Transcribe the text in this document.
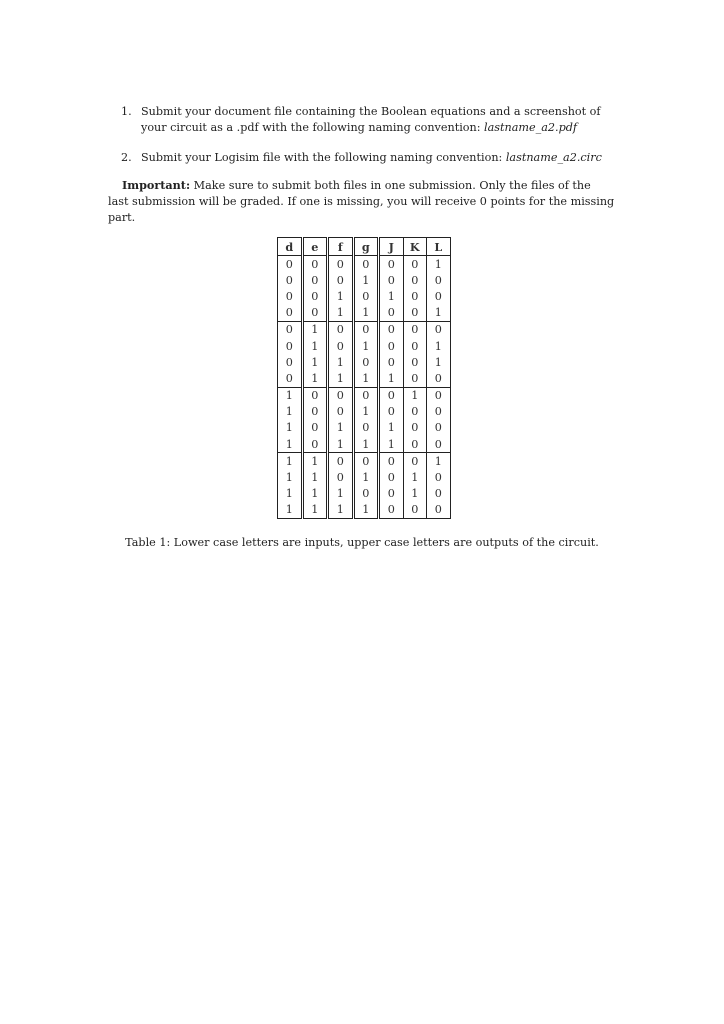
1. Submit your document file containing the Boolean equations and a screenshot of
your circuit as a .pdf with the following naming convention: lastname_a2.pdf
2. Submit your Logisim file with the following naming convention: lastname_a2.circ
Important: Make sure to submit both files in one submission. Only the files of the
last submission will be graded. If one is missing, you will receive 0 points for the missing
part.
d	e	f	g	J	K	L
0	0	0	0	0	0	1
0	0	0	1	0	0	0
0	0	1	0	1	0	0
0	0	1	1	0	0	1
0	1	0	0	0	0	0
0	1	0	1	0	0	1
0	1	1	0	0	0	1
0	1	1	1	1	0	0
1	0	0	0	0	1	0
1	0	0	1	0	0	0
1	0	1	0	1	0	0
1	0	1	1	1	0	0
1	1	0	0	0	0	1
1	1	0	1	0	1	0
1	1	1	0	0	1	0
1	1	1	1	0	0	0
Table 1: Lower case letters are inputs, upper case letters are outputs of the circuit.
